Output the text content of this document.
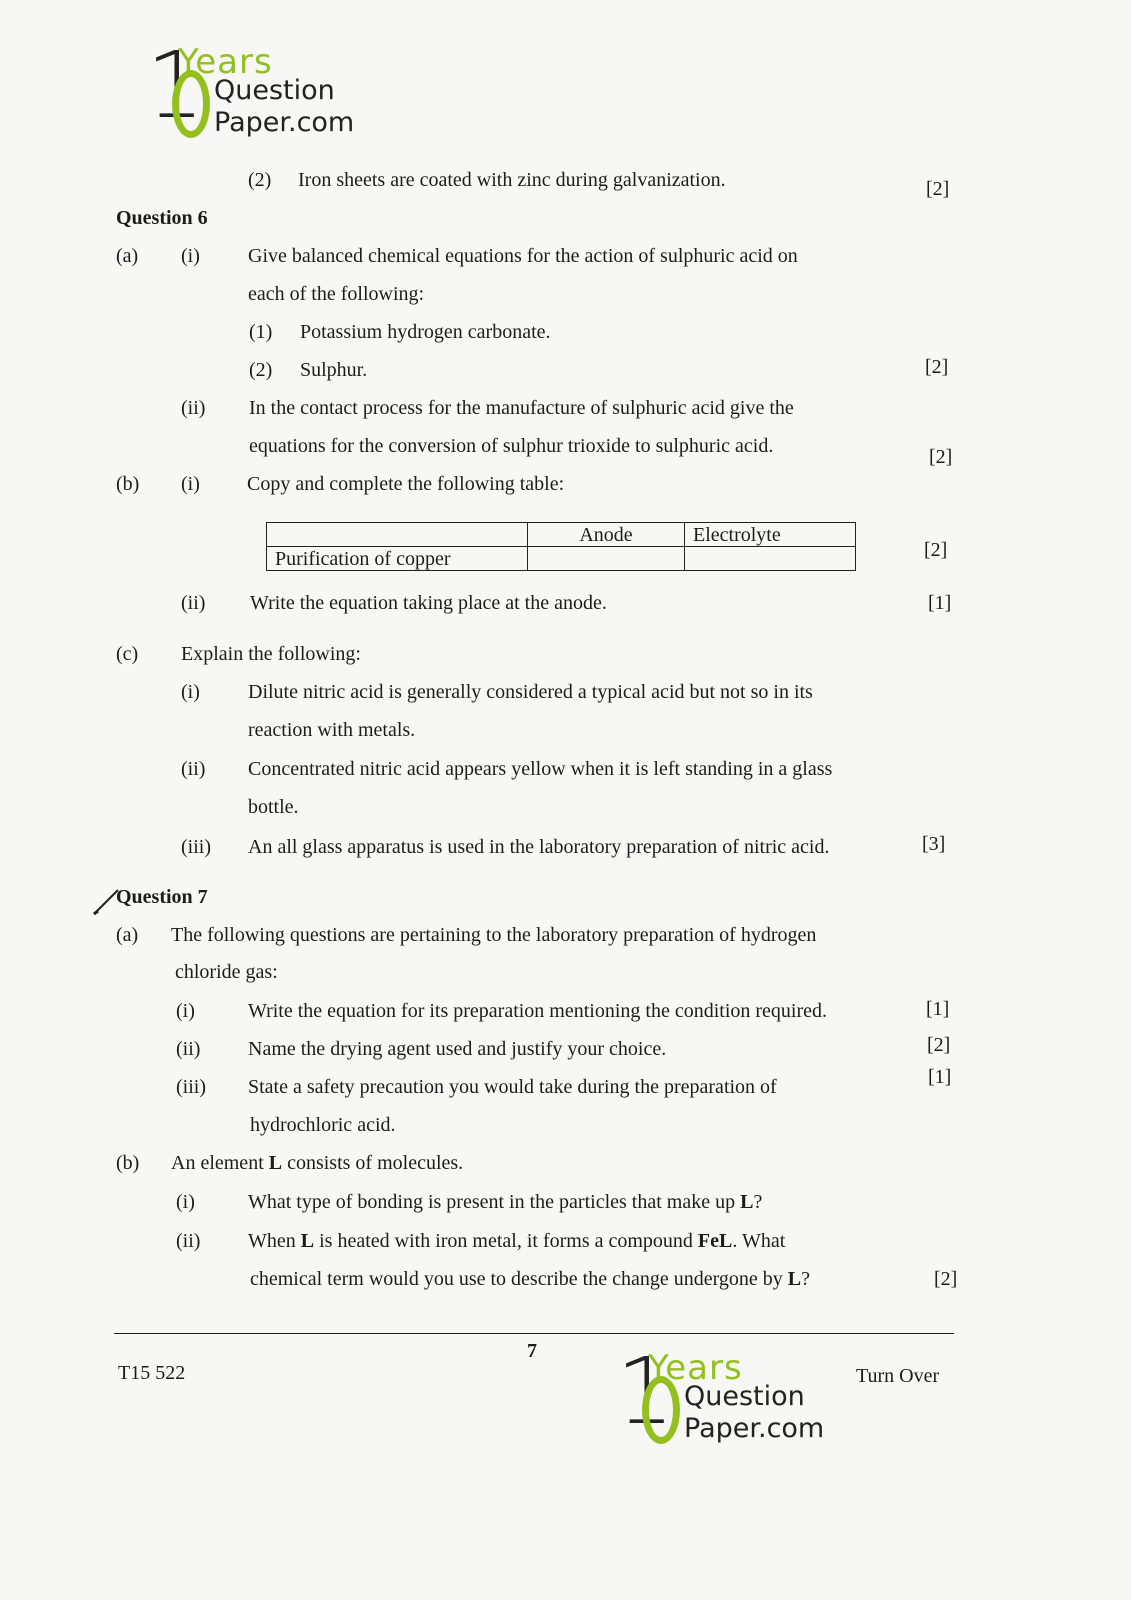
1
Years
Question
Paper.com
(2) Iron sheets are coated with zinc during galvanization.	[2]
Question 6
(a) (i) Give balanced chemical equations for the action of sulphuric acid on
each of the following:
(1) Potassium hydrogen carbonate.
(2) Sulphur.	[2]
(ii) In the contact process for the manufacture of sulphuric acid give the
equations for the conversion of sulphur trioxide to sulphuric acid.	[2]
(b) (i) Copy and complete the following table:
	Anode	Electrolyte
Purification of copper			[2]
(ii) Write the equation taking place at the anode.	[1]
(c) Explain the following:
(i) Dilute nitric acid is generally considered a typical acid but not so in its
reaction with metals.
(ii) Concentrated nitric acid appears yellow when it is left standing in a glass
bottle.
(iii) An all glass apparatus is used in the laboratory preparation of nitric acid.	[3]
Question 7
(a) The following questions are pertaining to the laboratory preparation of hydrogen
chloride gas:
(i)	Write the equation for its preparation mentioning the condition required.	[1]
(ii) Name the drying agent used and justify your choice.	[2]
(iii) State a safety precaution you would take during the preparation of
hydrochloric acid.
[1]
(b) An element L consists of molecules.
(i)	What type of bonding is present in the particles that make up L?
(ii) When L is heated with iron metal, it forms a compound FeL. What
chemical term would you use to describe the change undergone by L?	[2]
7
T15 522	Turn Over
1
Years
Question
Paper.com
